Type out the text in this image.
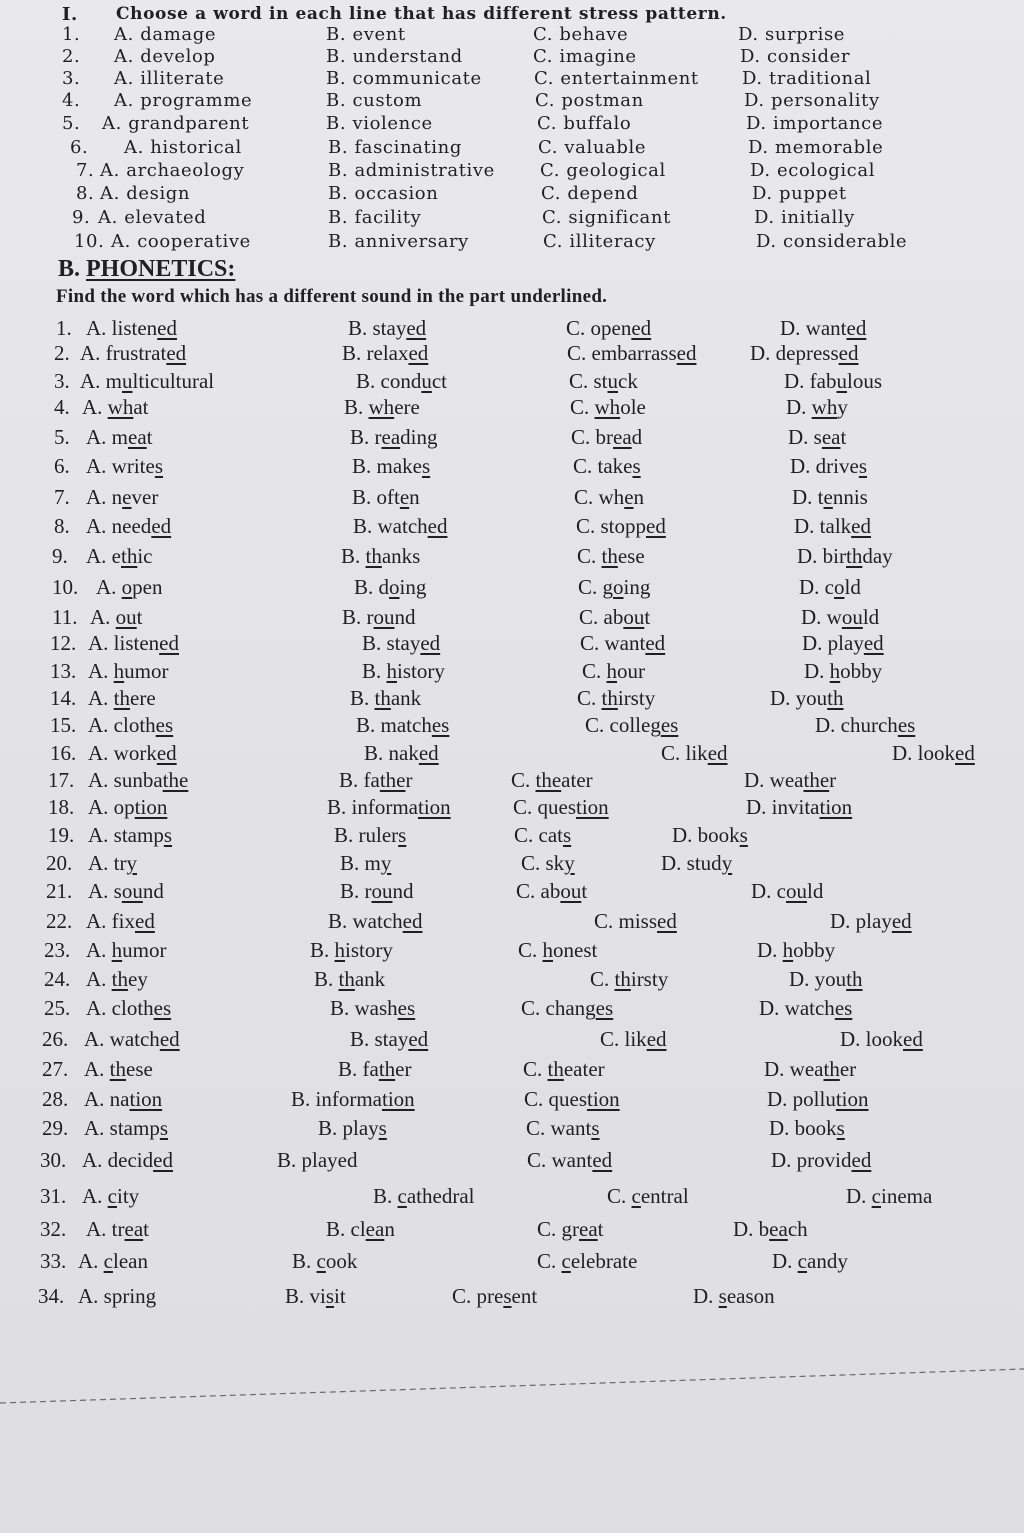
I. Choose a word in each line that has different stress pattern.
1. A. damage	B. event	C. behave	D. surprise
2. A. develop	B. understand	C. imagine	D. consider
3. A. illiterate	B. communicate	C. entertainment D. traditional
4. A. programme	B. custom	C. postman	D. personality
5. A. grandparent	B. violence	C. buffalo	D. importance
6. A. historical	B. fascinating	C. valuable	D. memorable
7. A. archaeology	B. administrative	C. geological	D. ecological
8. A. design	B. occasion	C. depend	D. puppet
9. A. elevated	B. facility	C. significant	D. initially
10. A. cooperative	B. anniversary	C. illiteracy	D. considerable
B. PHONETICS:
Find the word which has a different sound in the part underlined.
1. A. listened	B. stayed	C. opened	D. wanted
2. A. frustrated	B. relaxed	C. embarrassed	D. depressed
3. A. multicultural	B. conduct	C. stuck	D. fabulous
4. A. what	B. where	C. whole	D. why
5. A. meat	B. reading	C. bread	D. seat
6. A. writes	B. makes	C. takes	D. drives
7. A. never	B. often	C. when	D. tennis
8. A. needed	B. watched	C. stopped	D. talked
9. A. ethic	B. thanks	C. these	D. birthday
10. A. open	B. doing	C. going	D. cold
11. A. out	B. round	C. about	D. would
12. A. listened	B. stayed	C. wanted	D. played
13. A. humor	B. history	C. hour	D. hobby
14. A. there	B. thank	C. thirsty	D. youth
15. A. clothes	B. matches	C. colleges	D. churches
16. A. worked	B. naked	C. liked	D. looked
17. A. sunbathe	B. father	C. theater	D. weather
18. A. option	B. information	C. question	D. invitation
19. A. stamps	B. rulers	C. cats	D. books
20. A. try	B. my	C. sky	D. study
21. A. sound	B. round	C. about	D. could
22. A. fixed	B. watched	C. missed	D. played
23. A. humor	B. history	C. honest	D. hobby
24. A. they	B. thank	C. thirsty	D. youth
25. A. clothes	B. washes	C. changes	D. watches
26. A. watched	B. stayed	C. liked	D. looked
27. A. these	B. father	C. theater	D. weather
28. A. nation	B. information	C. question	D. pollution
29. A. stamps	B. plays	C. wants	D. books
30. A. decided	B. played	C. wanted	D. provided
31. A. city	B. cathedral	C. central	D. cinema
32. A. treat	B. clean	C. great	D. beach
33. A. clean	B. cook	C. celebrate	D. candy
34. A. spring	B. visit	C. present	D. season
